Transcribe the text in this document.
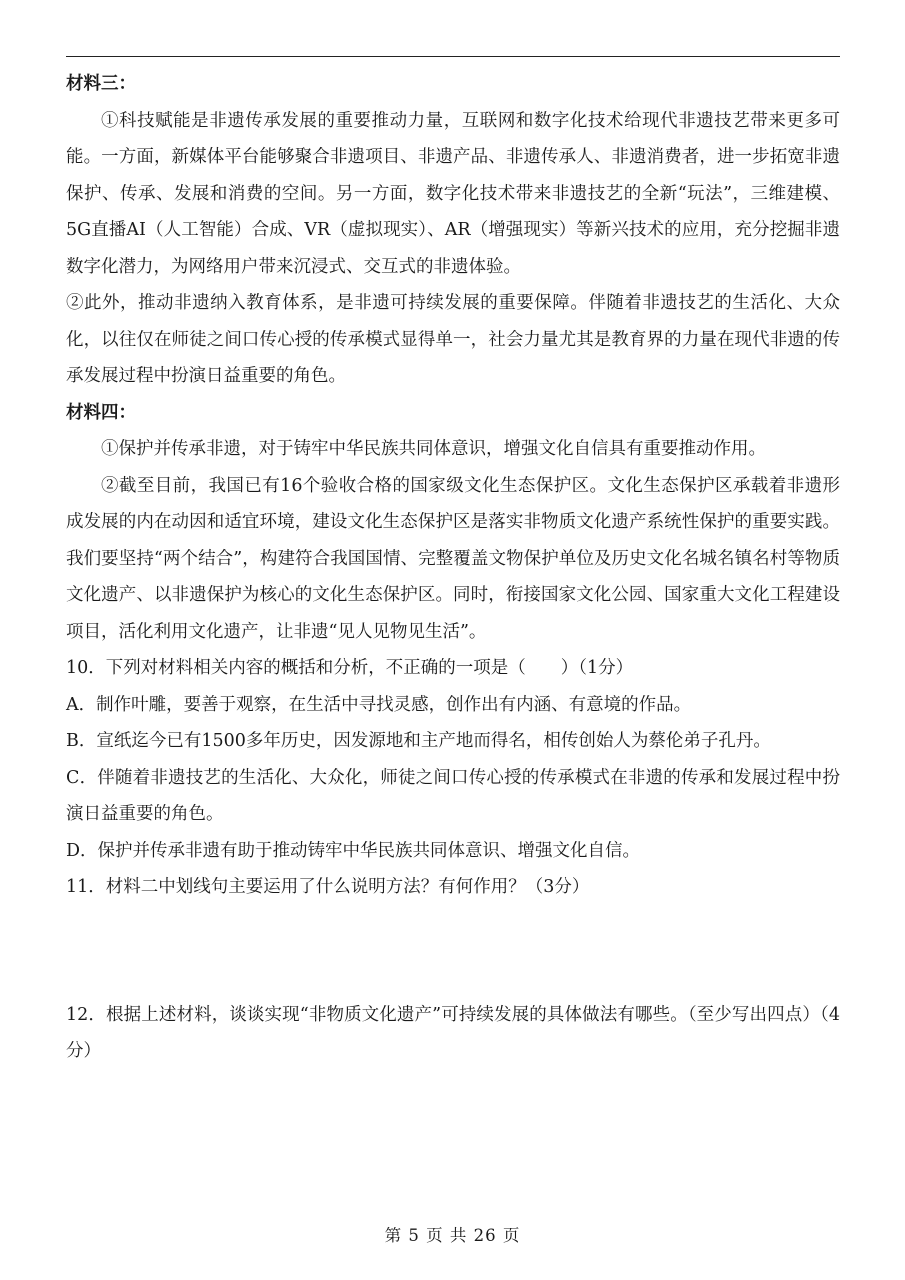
材料三：

①科技赋能是非遗传承发展的重要推动力量，互联网和数字化技术给现代非遗技艺带来更多可能。一方面，新媒体平台能够聚合非遗项目、非遗产品、非遗传承人、非遗消费者，进一步拓宽非遗保护、传承、发展和消费的空间。另一方面，数字化技术带来非遗技艺的全新“玩法”，三维建模、5G直播AI（人工智能）合成、VR（虚拟现实）、AR（增强现实）等新兴技术的应用，充分挖掘非遗数字化潜力，为网络用户带来沉浸式、交互式的非遗体验。

②此外，推动非遗纳入教育体系，是非遗可持续发展的重要保障。伴随着非遗技艺的生活化、大众化，以往仅在师徒之间口传心授的传承模式显得单一，社会力量尤其是教育界的力量在现代非遗的传承发展过程中扮演日益重要的角色。

材料四：

①保护并传承非遗，对于铸牢中华民族共同体意识，增强文化自信具有重要推动作用。

②截至目前，我国已有16个验收合格的国家级文化生态保护区。文化生态保护区承载着非遗形成发展的内在动因和适宜环境，建设文化生态保护区是落实非物质文化遗产系统性保护的重要实践。我们要坚持“两个结合”，构建符合我国国情、完整覆盖文物保护单位及历史文化名城名镇名村等物质文化遗产、以非遗保护为核心的文化生态保护区。同时，衔接国家文化公园、国家重大文化工程建设项目，活化利用文化遗产，让非遗“见人见物见生活”。

10．下列对材料相关内容的概括和分析，不正确的一项是（　　）（1分）

A．制作叶雕，要善于观察，在生活中寻找灵感，创作出有内涵、有意境的作品。

B．宣纸迄今已有1500多年历史，因发源地和主产地而得名，相传创始人为蔡伦弟子孔丹。

C．伴随着非遗技艺的生活化、大众化，师徒之间口传心授的传承模式在非遗的传承和发展过程中扮演日益重要的角色。

D．保护并传承非遗有助于推动铸牢中华民族共同体意识、增强文化自信。

11．材料二中划线句主要运用了什么说明方法？有何作用？（3分）

12．根据上述材料，谈谈实现“非物质文化遗产”可持续发展的具体做法有哪些。（至少写出四点）（4分）

第 5 页 共 26 页
